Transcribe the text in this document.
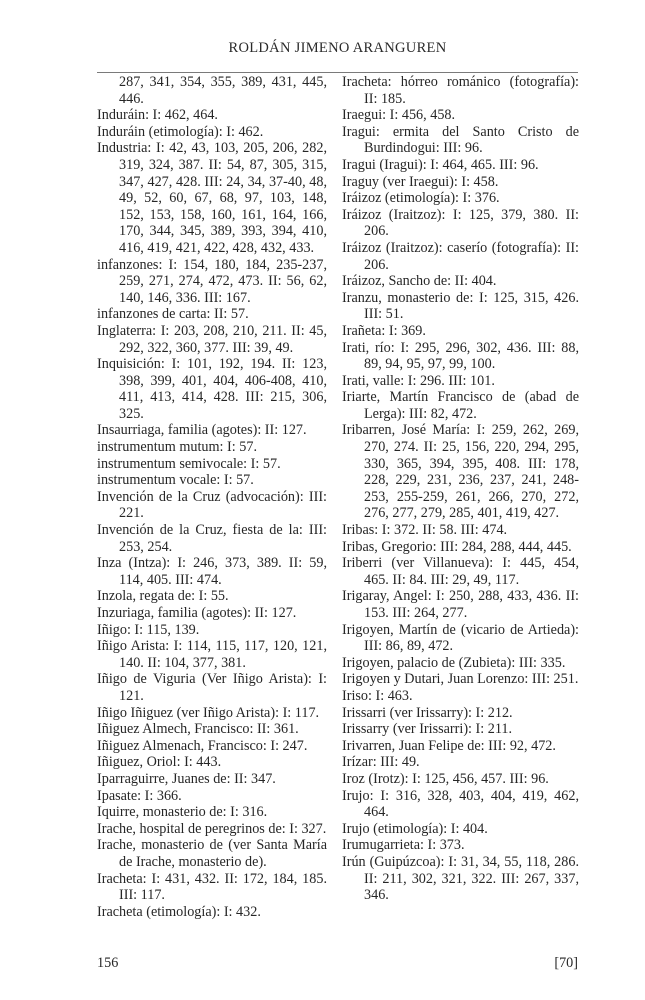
ROLDÁN JIMENO ARANGUREN

287, 341, 354, 355, 389, 431, 445, 446.

Induráin: I: 462, 464.

Induráin (etimología): I: 462.

Industria: I: 42, 43, 103, 205, 206, 282, 319, 324, 387. II: 54, 87, 305, 315, 347, 427, 428. III: 24, 34, 37-40, 48, 49, 52, 60, 67, 68, 97, 103, 148, 152, 153, 158, 160, 161, 164, 166, 170, 344, 345, 389, 393, 394, 410, 416, 419, 421, 422, 428, 432, 433.

infanzones: I: 154, 180, 184, 235-237, 259, 271, 274, 472, 473. II: 56, 62, 140, 146, 336. III: 167.

infanzones de carta: II: 57.

Inglaterra: I: 203, 208, 210, 211. II: 45, 292, 322, 360, 377. III: 39, 49.

Inquisición: I: 101, 192, 194. II: 123, 398, 399, 401, 404, 406-408, 410, 411, 413, 414, 428. III: 215, 306, 325.

Insaurriaga, familia (agotes): II: 127.

instrumentum mutum: I: 57.

instrumentum semivocale: I: 57.

instrumentum vocale: I: 57.

Invención de la Cruz (advocación): III: 221.

Invención de la Cruz, fiesta de la: III: 253, 254.

Inza (Intza): I: 246, 373, 389. II: 59, 114, 405. III: 474.

Inzola, regata de: I: 55.

Inzuriaga, familia (agotes): II: 127.

Iñigo: I: 115, 139.

Iñigo Arista: I: 114, 115, 117, 120, 121, 140. II: 104, 377, 381.

Iñigo de Viguria (Ver Iñigo Arista): I: 121.

Iñigo Iñiguez (ver Iñigo Arista): I: 117.

Iñiguez Almech, Francisco: II: 361.

Iñiguez Almenach, Francisco: I: 247.

Iñiguez, Oriol: I: 443.

Iparraguirre, Juanes de: II: 347.

Ipasate: I: 366.

Iquirre, monasterio de: I: 316.

Irache, hospital de peregrinos de: I: 327.

Irache, monasterio de (ver Santa María de Irache, monasterio de).

Iracheta: I: 431, 432. II: 172, 184, 185. III: 117.

Iracheta (etimología): I: 432.

Iracheta: hórreo románico (fotografía): II: 185.

Iraegui: I: 456, 458.

Iragui: ermita del Santo Cristo de Burdindogui: III: 96.

Iragui (Iragui): I: 464, 465. III: 96.

Iraguy (ver Iraegui): I: 458.

Iráizoz (etimología): I: 376.

Iráizoz (Iraitzoz): I: 125, 379, 380. II: 206.

Iráizoz (Iraitzoz): caserío (fotografía): II: 206.

Iráizoz, Sancho de: II: 404.

Iranzu, monasterio de: I: 125, 315, 426. III: 51.

Irañeta: I: 369.

Irati, río: I: 295, 296, 302, 436. III: 88, 89, 94, 95, 97, 99, 100.

Irati, valle: I: 296. III: 101.

Iriarte, Martín Francisco de (abad de Lerga): III: 82, 472.

Iribarren, José María: I: 259, 262, 269, 270, 274. II: 25, 156, 220, 294, 295, 330, 365, 394, 395, 408. III: 178, 228, 229, 231, 236, 237, 241, 248-253, 255-259, 261, 266, 270, 272, 276, 277, 279, 285, 401, 419, 427.

Iribas: I: 372. II: 58. III: 474.

Iribas, Gregorio: III: 284, 288, 444, 445.

Iriberri (ver Villanueva): I: 445, 454, 465. II: 84. III: 29, 49, 117.

Irigaray, Angel: I: 250, 288, 433, 436. II: 153. III: 264, 277.

Irigoyen, Martín de (vicario de Artieda): III: 86, 89, 472.

Irigoyen, palacio de (Zubieta): III: 335.

Irigoyen y Dutari, Juan Lorenzo: III: 251.

Iriso: I: 463.

Irissarri (ver Irissarry): I: 212.

Irissarry (ver Irissarri): I: 211.

Irivarren, Juan Felipe de: III: 92, 472.

Irízar: III: 49.

Iroz (Irotz): I: 125, 456, 457. III: 96.

Irujo: I: 316, 328, 403, 404, 419, 462, 464.

Irujo (etimología): I: 404.

Irumugarrieta: I: 373.

Irún (Guipúzcoa): I: 31, 34, 55, 118, 286. II: 211, 302, 321, 322. III: 267, 337, 346.

156	[70]
